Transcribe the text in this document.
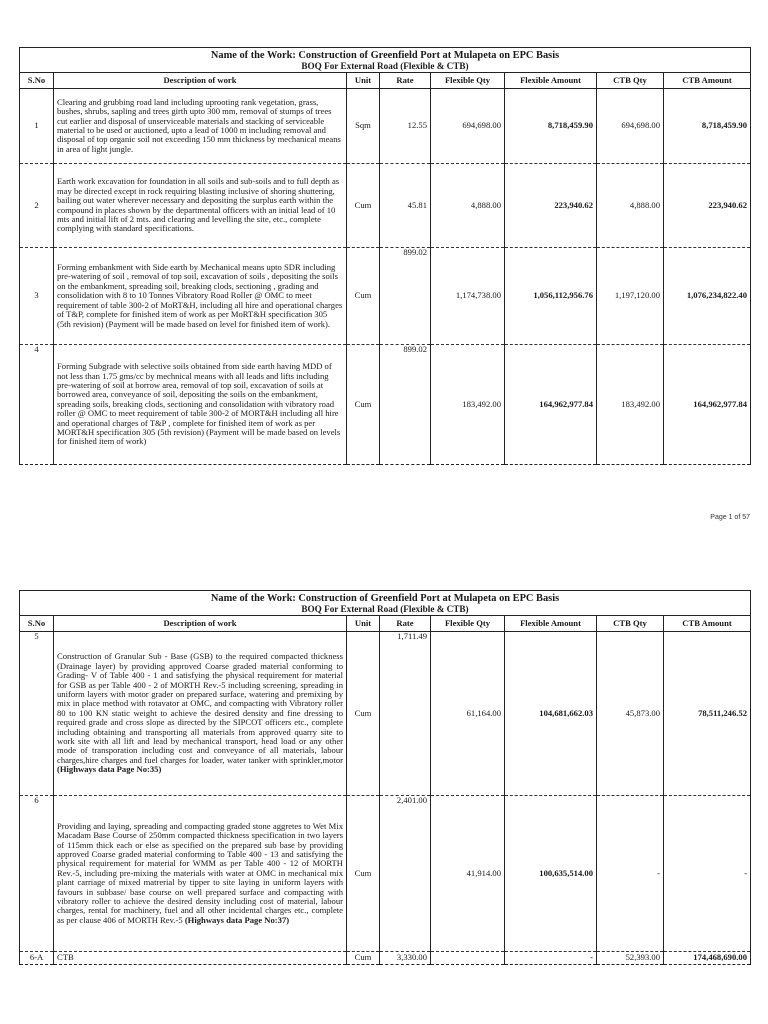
Name of the Work: Construction of Greenfield Port at Mulapeta on EPC Basis
BOQ For External Road (Flexible & CTB)							

S.No	Description of work	Unit	Rate	Flexible Qty	Flexible Amount	CTB Qty	CTB Amount
1	Clearing and grubbing road land including uprooting rank vegetation, grass, bushes, shrubs, sapling and trees girth upto 300 mm, removal of stumps of trees cut earlier and disposal of unserviceable materials and stacking of serviceable material to be used or auctioned, upto a lead of 1000 m including removal and disposal of top organic soil not exceeding 150 mm thickness by mechanical means in area of light jungle.	Sqm	12.55	694,698.00	8,718,459.90	694,698.00	8,718,459.90
2	Earth work excavation for foundation in all soils and sub-soils and to full depth as may be directed except in rock requiring blasting inclusive of shoring shuttering, bailing out water wherever necessary and depositing the surplus earth within the compound in places shown by the departmental officers with an initial lead of 10 mts and initial lift of 2 mts. and clearing and levelling the site, etc., complete complying with standard specifications.	Cum	45.81	4,888.00	223,940.62	4,888.00	223,940.62
3	Forming embankment with Side earth by Mechanical means upto SDR including pre-watering of soil , removal of top soil, excavation of soils , depositing the soils on the embankment, spreading soil, breaking clods, sectioning , grading and consolidation with 8 to 10 Tonnes Vibratory Road Roller @ OMC to meet requirement of table 300-2 of MoRT&H, including all hire and operational charges of T&P, complete for finished item of work as per MoRT&H specification 305 (5th revision) (Payment will be made based on level for finished item of work).	Cum	899.02	1,174,738.00	1,056,112,956.76	1,197,120.00	1,076,234,822.40
4	Forming Subgrade with selective soils obtained from side earth having MDD of not less than 1.75 gms/cc by mechnical means with all leads and lifts including pre-watering of soil at borrow area, removal of top soil, excavation of soils at borrowed area, conveyance of soil, depositing the soils on the embankment, spreading soils, breaking clods, sectioning and consolidation with vibratory road roller @ OMC to meet requirement of table 300-2 of MORT&H including all hire and operational charges of T&P , complete for finished item of work as per MORT&H specification 305 (5th revision) (Payment will be made based on levels for finished item of work)	Cum	899.02	183,492.00	164,962,977.84	183,492.00	164,962,977.84
Page 1 of 57
Name of the Work: Construction of Greenfield Port at Mulapeta on EPC Basis
BOQ For External Road (Flexible & CTB)							

S.No	Description of work	Unit	Rate	Flexible Qty	Flexible Amount	CTB Qty	CTB Amount
5	Construction of Granular Sub - Base (GSB) to the required compacted thickness (Drainage layer) by providing approved Coarse graded material conforming to Grading- V of Table 400 - 1 and satisfying the physical requirement for material for GSB as per Table 400 - 2 of MORTH Rev.-5 including screening, spreading in uniform layers with motor grader on prepared surface, watering and premixing by mix in place method with rotavator at OMC, and compacting with Vibratory roller 80 to 100 KN static weight to achieve the desired density and fine dressing to required grade and cross slope as directed by the SIPCOT officers etc., complete including obtaining and transporting all materials from approved quarry site to work site with all lift and lead by mechanical transport, head load or any other mode of transporation including cost and conveyance of all materials, labour charges,hire charges and fuel charges for loader, water tanker with sprinkler,motor (Highways data Page No:35)	Cum	1,711.49	61,164.00	104,681,662.03	45,873.00	78,511,246.52
6	Providing and laying, spreading and compacting graded stone aggretes to Wet Mix Macadam Base Course of 250mm compacted thickness specification in two layers of 115mm thick each or else as specified on the prepared sub base by providing approved Coarse graded material conforming to Table 400 - 13 and satisfying the physical requirement for material for WMM as per Table 400 - 12 of MORTH Rev.-5, including pre-mixing the materials with water at OMC in mechanical mix plant carriage of mixed matrerial by tipper to site laying in uniform layers with favours in subbase/ base course on well prepared surface and compacting with vibratory roller to achieve the desired density including cost of material, labour charges, rental for machinery, fuel and all other incidental charges etc., complete as per clause 406 of MORTH Rev.-5 (Highways data Page No:37)	Cum	2,401.00	41,914.00	100,635,514.00	-	-
6-A	CTB	Cum	3,330.00		-	52,393.00	174,468,690.00
